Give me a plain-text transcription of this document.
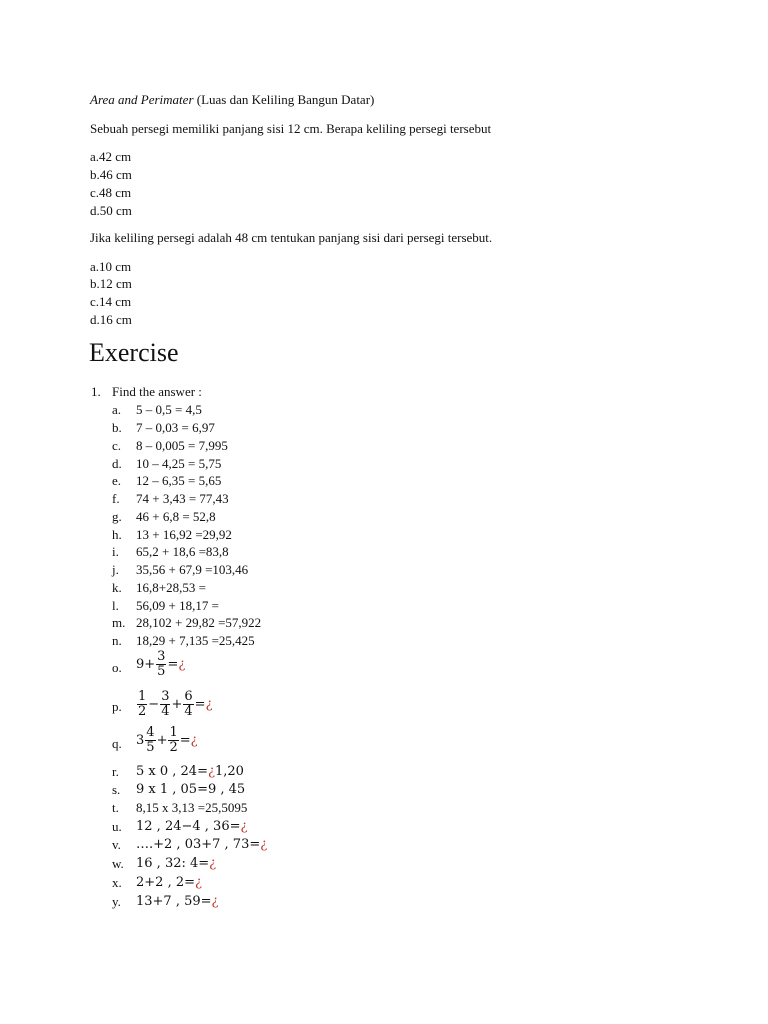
Area and Perimater (Luas dan Keliling Bangun Datar)
Sebuah persegi memiliki panjang sisi 12 cm. Berapa keliling persegi tersebut
a.42 cm
b.46 cm
c.48 cm
d.50 cm
Jika keliling persegi adalah 48 cm tentukan panjang sisi dari persegi tersebut.
a.10 cm
b.12 cm
c.14 cm
d.16 cm
Exercise
1. Find the answer :
a.	5 – 0,5 = 4,5
b.	7 – 0,03 = 6,97
c.	8 – 0,005 = 7,995
d.	10 – 4,25 = 5,75
e.	12 – 6,35 = 5,65
f.	74 + 3,43 = 77,43
g.	46 + 6,8 = 52,8
h.	13 + 16,92 =29,92
i.	65,2 + 18,6 =83,8
j.	35,56 + 67,9 =103,46
k.	16,8+28,53 =
l.	56,09 + 18,17 =
m. 28,102 + 29,82 =57,922
n.	18,29 + 7,135 =25,425
o.	$9+ \frac{3}{5}$ = ¿
p.	$\frac{1}{2} - \frac{3}{4} + \frac{6}{4}$ = ¿
q.	$3 \frac{4}{5} + \frac{1}{2}$ = ¿
r.	5 x 0 , 24=¿1,20
s.	9 x 1 , 05=9 , 45
t.	8,15 x 3,13 =25,5095
u.	12 , 24−4 , 36=¿
v.	….+2 , 03+7 , 73=¿
w. 16 , 32: 4=¿
x.	2+2 , 2=¿
y.	13+7 , 59=¿
